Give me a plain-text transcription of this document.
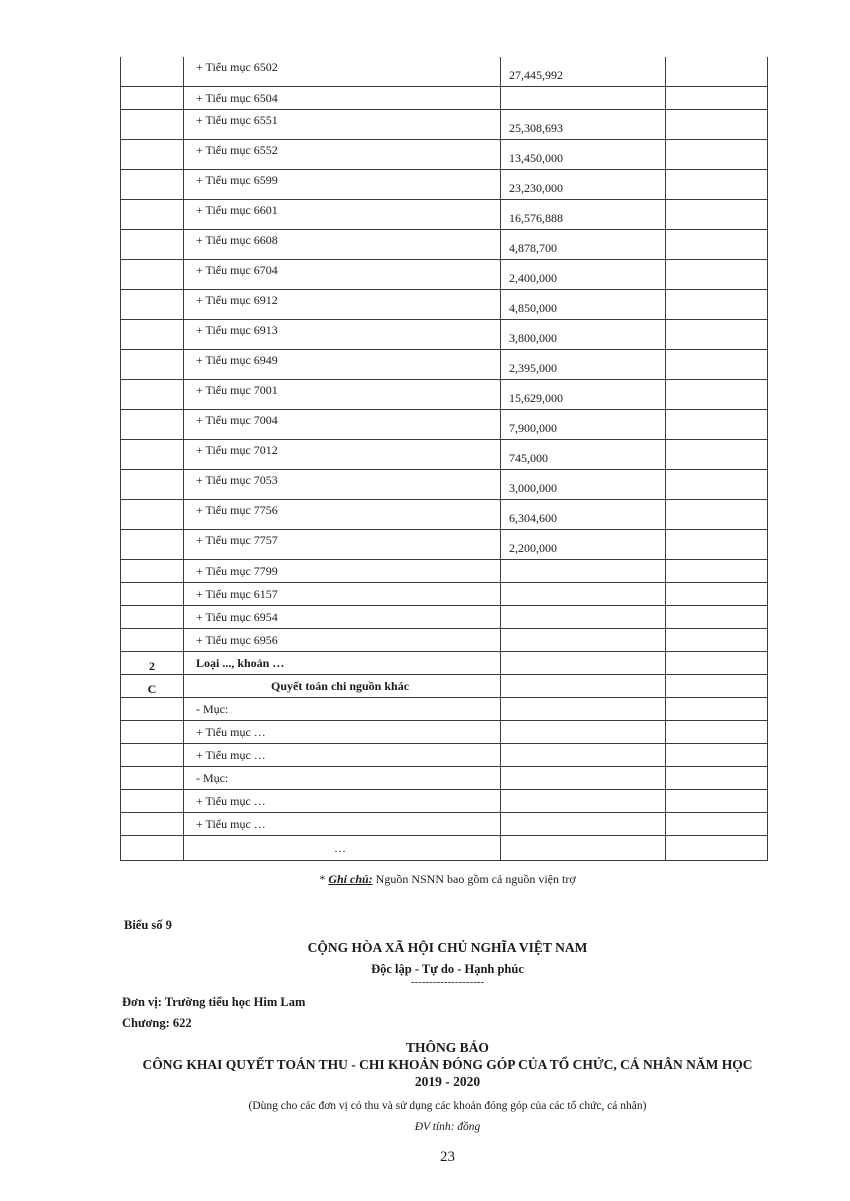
	+ Tiểu mục 6502	27,445,992	

	+ Tiểu mục 6504		

	+ Tiểu mục 6551	25,308,693	

	+ Tiểu mục 6552	13,450,000	

	+ Tiểu mục 6599	23,230,000	

	+ Tiểu mục 6601	16,576,888	

	+ Tiểu mục 6608	4,878,700	

	+ Tiểu mục 6704	2,400,000	

	+ Tiểu mục 6912	4,850,000	

	+ Tiểu mục 6913	3,800,000	

	+ Tiểu mục 6949	2,395,000	

	+ Tiểu mục 7001	15,629,000	

	+ Tiểu mục 7004	7,900,000	

	+ Tiểu mục 7012	745,000	

	+ Tiểu mục 7053	3,000,000	

	+ Tiểu mục 7756	6,304,600	

	+ Tiểu mục 7757	2,200,000	

	+ Tiểu mục 7799		

	+ Tiểu mục 6157		

	+ Tiểu mục 6954		

	+ Tiểu mục 6956		

2	Loại ..., khoản …		

C	Quyết toán chi nguồn khác		

	- Mục:		

	+ Tiểu mục …		

	+ Tiểu mục …		

	- Mục:		

	+ Tiểu mục …		

	+ Tiểu mục …		

	…		

* Ghi chú: Nguồn NSNN bao gồm cả nguồn viện trợ
Biểu số 9
CỘNG HÒA XÃ HỘI CHỦ NGHĨA VIỆT NAM
Độc lập - Tự do - Hạnh phúc
--------------------
Đơn vị: Trường tiểu học Him Lam
Chương: 622
THÔNG BÁO
CÔNG KHAI QUYẾT TOÁN THU - CHI KHOẢN ĐÓNG GÓP CỦA TỔ CHỨC, CÁ NHÂN NĂM HỌC 2019 - 2020
(Dùng cho các đơn vị có thu và sử dụng các khoản đóng góp của các tổ chức, cá nhân)
ĐV tính: đồng
23
